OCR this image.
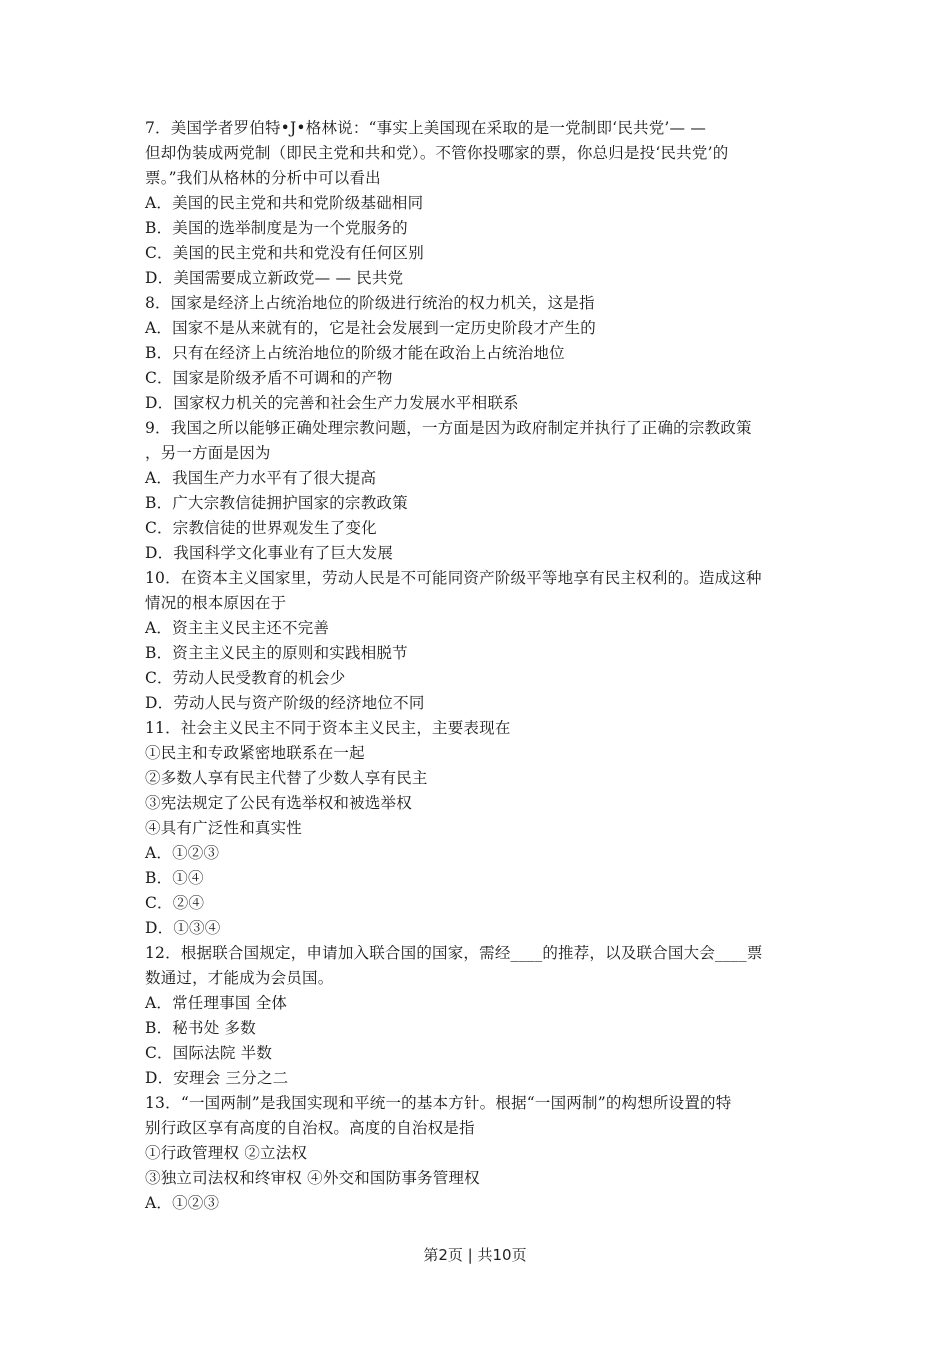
7．美国学者罗伯特•J•格林说：“事实上美国现在采取的是一党制即‘民共党’— —
但却伪装成两党制（即民主党和共和党）。不管你投哪家的票，你总归是投‘民共党’的
票。”我们从格林的分析中可以看出
A．美国的民主党和共和党阶级基础相同
B．美国的选举制度是为一个党服务的
C．美国的民主党和共和党没有任何区别
D．美国需要成立新政党— — 民共党
8．国家是经济上占统治地位的阶级进行统治的权力机关，这是指
A．国家不是从来就有的，它是社会发展到一定历史阶段才产生的
B．只有在经济上占统治地位的阶级才能在政治上占统治地位
C．国家是阶级矛盾不可调和的产物
D．国家权力机关的完善和社会生产力发展水平相联系
9．我国之所以能够正确处理宗教问题，一方面是因为政府制定并执行了正确的宗教政策
，另一方面是因为
A．我国生产力水平有了很大提高
B．广大宗教信徒拥护国家的宗教政策
C．宗教信徒的世界观发生了变化
D．我国科学文化事业有了巨大发展
10．在资本主义国家里，劳动人民是不可能同资产阶级平等地享有民主权利的。造成这种
情况的根本原因在于
A．资主主义民主还不完善
B．资主主义民主的原则和实践相脱节
C．劳动人民受教育的机会少
D．劳动人民与资产阶级的经济地位不同
11．社会主义民主不同于资本主义民主，主要表现在
①民主和专政紧密地联系在一起
②多数人享有民主代替了少数人享有民主
③宪法规定了公民有选举权和被选举权
④具有广泛性和真实性
A．①②③
B．①④
C．②④
D．①③④
12．根据联合国规定，申请加入联合国的国家，需经____的推荐，以及联合国大会____票
数通过，才能成为会员国。
A．常任理事国 全体
B．秘书处 多数
C．国际法院 半数
D．安理会 三分之二
13．“一国两制”是我国实现和平统一的基本方针。根据“一国两制”的构想所设置的特
别行政区享有高度的自治权。高度的自治权是指
①行政管理权 ②立法权
③独立司法权和终审权 ④外交和国防事务管理权
A．①②③
第2页 | 共10页
